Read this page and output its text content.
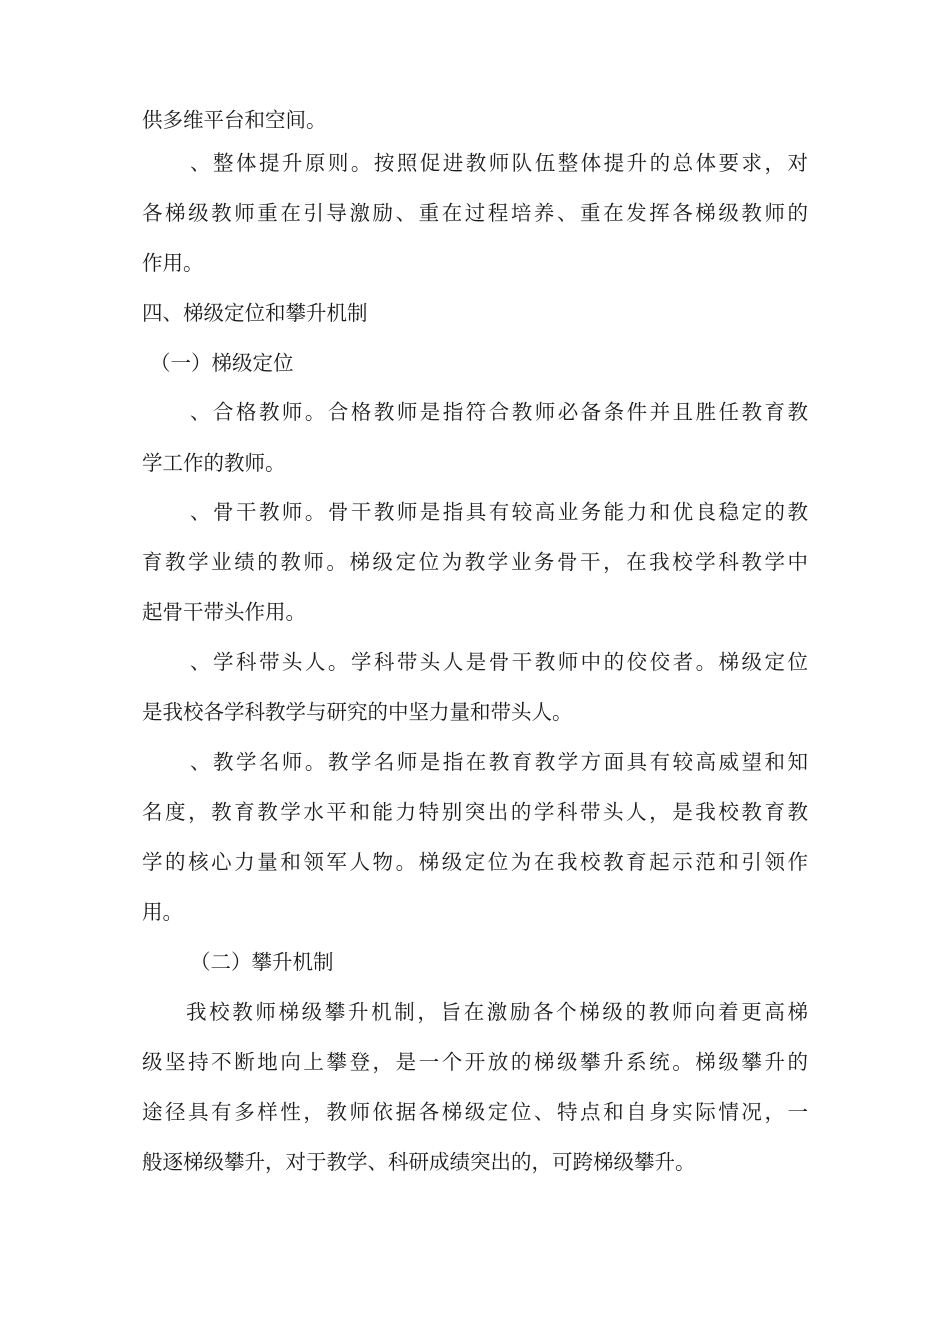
供多维平台和空间。

、整体提升原则。按照促进教师队伍整体提升的总体要求，对

各梯级教师重在引导激励、重在过程培养、重在发挥各梯级教师的

作用。

四、梯级定位和攀升机制

（一）梯级定位

、合格教师。合格教师是指符合教师必备条件并且胜任教育教

学工作的教师。

、骨干教师。骨干教师是指具有较高业务能力和优良稳定的教

育教学业绩的教师。梯级定位为教学业务骨干，在我校学科教学中

起骨干带头作用。

、学科带头人。学科带头人是骨干教师中的佼佼者。梯级定位

是我校各学科教学与研究的中坚力量和带头人。

、教学名师。教学名师是指在教育教学方面具有较高威望和知

名度，教育教学水平和能力特别突出的学科带头人，是我校教育教

学的核心力量和领军人物。梯级定位为在我校教育起示范和引领作

用。

（二）攀升机制

我校教师梯级攀升机制，旨在激励各个梯级的教师向着更高梯

级坚持不断地向上攀登，是一个开放的梯级攀升系统。梯级攀升的

途径具有多样性，教师依据各梯级定位、特点和自身实际情况，一

般逐梯级攀升，对于教学、科研成绩突出的，可跨梯级攀升。
